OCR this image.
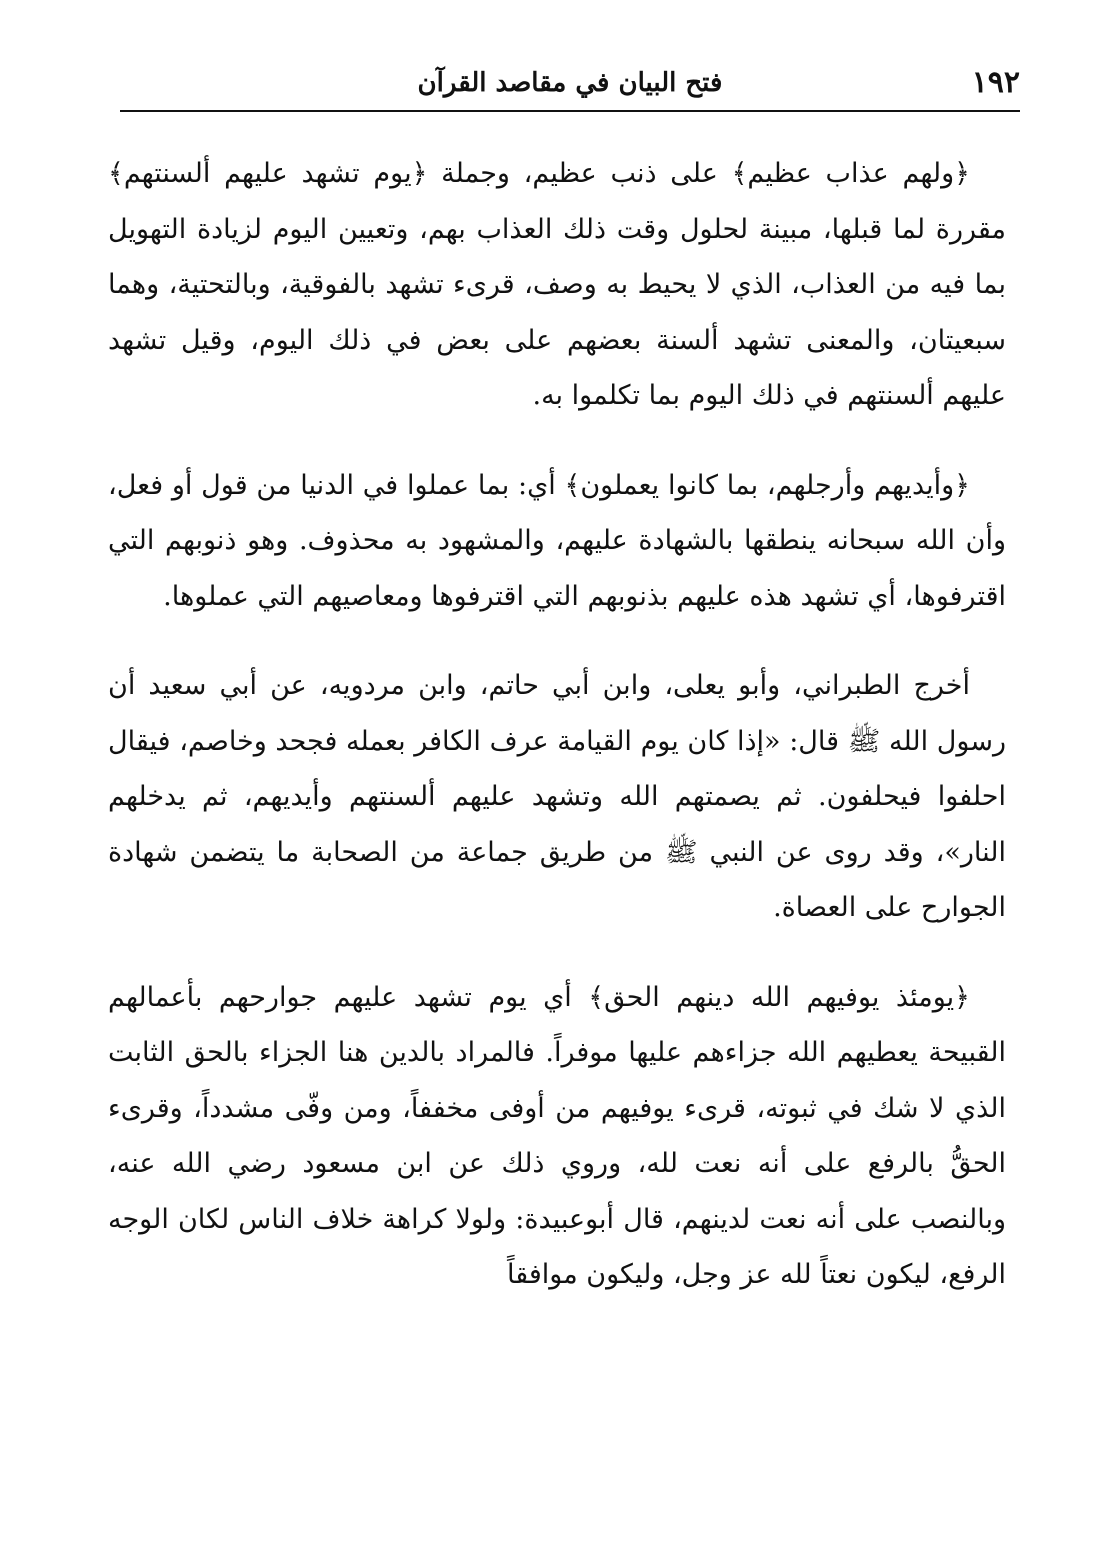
١٩٢
فتح البيان في مقاصد القرآن

﴿ولهم عذاب عظيم﴾ على ذنب عظيم، وجملة ﴿يوم تشهد عليهم ألسنتهم﴾ مقررة لما قبلها، مبينة لحلول وقت ذلك العذاب بهم، وتعيين اليوم لزيادة التهويل بما فيه من العذاب، الذي لا يحيط به وصف، قرىء تشهد بالفوقية، وبالتحتية، وهما سبعيتان، والمعنى تشهد ألسنة بعضهم على بعض في ذلك اليوم، وقيل تشهد عليهم ألسنتهم في ذلك اليوم بما تكلموا به.

﴿وأيديهم وأرجلهم، بما كانوا يعملون﴾ أي: بما عملوا في الدنيا من قول أو فعل، وأن الله سبحانه ينطقها بالشهادة عليهم، والمشهود به محذوف. وهو ذنوبهم التي اقترفوها، أي تشهد هذه عليهم بذنوبهم التي اقترفوها ومعاصيهم التي عملوها.

أخرج الطبراني، وأبو يعلى، وابن أبي حاتم، وابن مردويه، عن أبي سعيد أن رسول الله ﷺ قال: «إذا كان يوم القيامة عرف الكافر بعمله فجحد وخاصم، فيقال احلفوا فيحلفون. ثم يصمتهم الله وتشهد عليهم ألسنتهم وأيديهم، ثم يدخلهم النار»، وقد روى عن النبي ﷺ من طريق جماعة من الصحابة ما يتضمن شهادة الجوارح على العصاة.

﴿يومئذ يوفيهم الله دينهم الحق﴾ أي يوم تشهد عليهم جوارحهم بأعمالهم القبيحة يعطيهم الله جزاءهم عليها موفراً. فالمراد بالدين هنا الجزاء بالحق الثابت الذي لا شك في ثبوته، قرىء يوفيهم من أوفى مخففاً، ومن وفّى مشدداً، وقرىء الحقُّ بالرفع على أنه نعت لله، وروي ذلك عن ابن مسعود رضي الله عنه، وبالنصب على أنه نعت لدينهم، قال أبوعبيدة: ولولا كراهة خلاف الناس لكان الوجه الرفع، ليكون نعتاً لله عز وجل، وليكون موافقاً
